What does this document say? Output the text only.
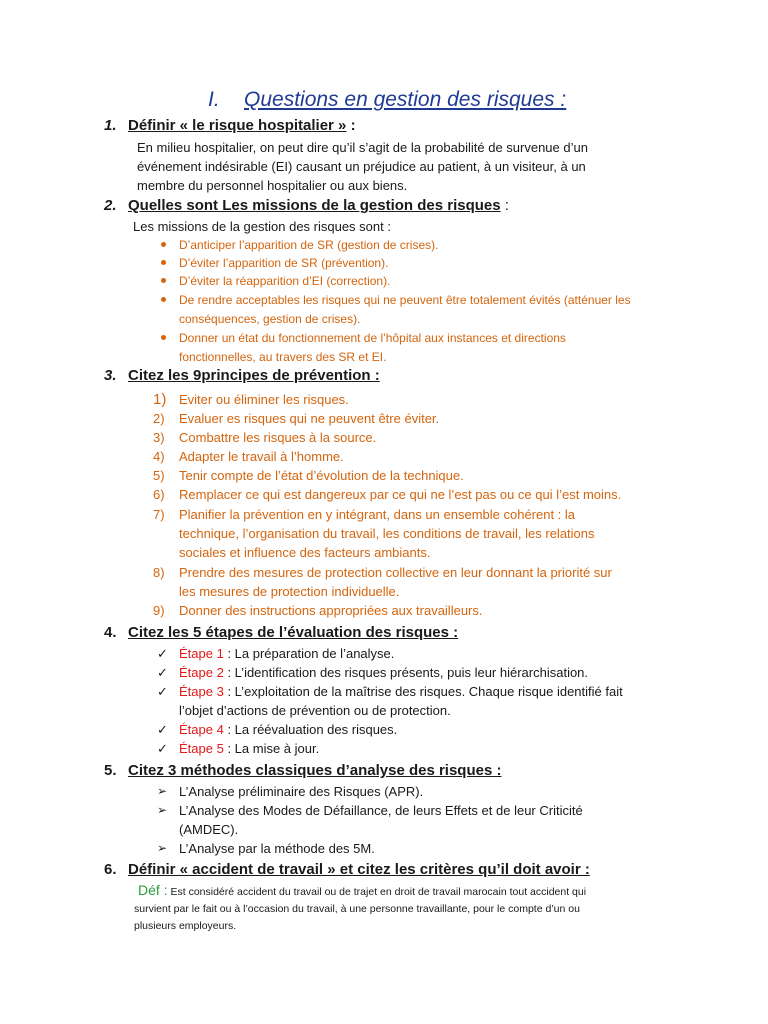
I. Questions en gestion des risques :
1. Définir « le risque hospitalier » :
En milieu hospitalier, on peut dire qu’il s’agit de la probabilité de survenue d’un
événement indésirable (EI) causant un préjudice au patient, à un visiteur, à un
membre du personnel hospitalier ou aux biens.
2. Quelles sont Les missions de la gestion des risques :
Les missions de la gestion des risques sont :
D’anticiper l’apparition de SR (gestion de crises).
D’éviter l’apparition de SR (prévention).
D’éviter la réapparition d’EI (correction).
De rendre acceptables les risques qui ne peuvent être totalement évités (atténuer les
conséquences, gestion de crises).
Donner un état du fonctionnement de l’hôpital aux instances et directions
fonctionnelles, au travers des SR et EI.
3. Citez les 9principes de prévention :
1) Eviter ou éliminer les risques.
2)	Evaluer es risques qui ne peuvent être éviter.
3)	Combattre les risques à la source.
4)	Adapter le travail à l’homme.
5)	Tenir compte de l’état d’évolution de la technique.
6)	Remplacer ce qui est dangereux par ce qui ne l’est pas ou ce qui l’est moins.
7)	Planifier la prévention en y intégrant, dans un ensemble cohérent : la
technique, l’organisation du travail, les conditions de travail, les relations
sociales et influence des facteurs ambiants.
8)	Prendre des mesures de protection collective en leur donnant la priorité sur
les mesures de protection individuelle.
9)	Donner des instructions appropriées aux travailleurs.
4. Citez les 5 étapes de l’évaluation des risques :
✓ Étape 1 : La préparation de l’analyse.
✓ Étape 2 : L’identification des risques présents, puis leur hiérarchisation.
✓ Étape 3 : L’exploitation de la maîtrise des risques. Chaque risque identifié fait
l’objet d’actions de prévention ou de protection.
✓ Étape 4 : La réévaluation des risques.
✓ Étape 5 : La mise à jour.
5. Citez 3 méthodes classiques d’analyse des risques :
➢ L’Analyse préliminaire des Risques (APR).
➢ L’Analyse des Modes de Défaillance, de leurs Effets et de leur Criticité
(AMDEC).
➢ L’Analyse par la méthode des 5M.
6. Définir « accident de travail » et citez les critères qu’il doit avoir :
Déf : Est considéré accident du travail ou de trajet en droit de travail marocain tout accident qui
survient par le fait ou à l’occasion du travail, à une personne travaillante, pour le compte d’un ou
plusieurs employeurs.
